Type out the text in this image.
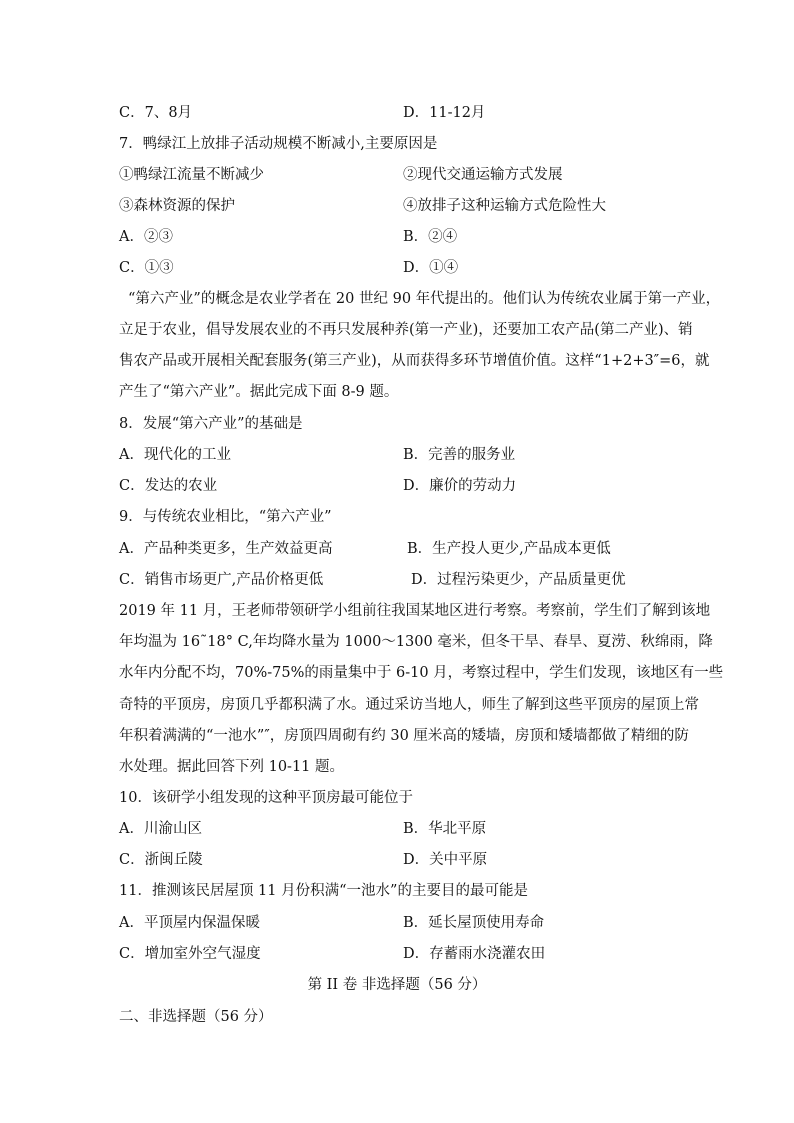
C．7、8月	D．11-12月
7．鸭绿江上放排子活动规模不断减小,主要原因是
①鸭绿江流量不断减少	②现代交通运输方式发展
③森林资源的保护	④放排子这种运输方式危险性大
A．②③	B．②④
C．①③	D．①④
“第六产业”的概念是农业学者在 20 世纪 90 年代提出的。他们认为传统农业属于第一产业，
立足于农业，倡导发展农业的不再只发展种养(第一产业)，还要加工农产品(第二产业)、销
售农产品或开展相关配套服务(第三产业)，从而获得多环节增值价值。这样“1+2+3″=6，就
产生了“第六产业”。据此完成下面 8-9 题。
8．发展“第六产业”的基础是
A．现代化的工业	B．完善的服务业
C．发达的农业	D．廉价的劳动力
9．与传统农业相比，“第六产业”
A．产品种类更多，生产效益更高	B．生产投人更少,产品成本更低
C．销售市场更广,产品价格更低	D．过程污染更少，产品质量更优
2019 年 11 月，王老师带领研学小组前往我国某地区进行考察。考察前，学生们了解到该地
年均温为 16˜18° C,年均降水量为 1000～1300 毫米，但冬干旱、春旱、夏涝、秋绵雨，降
水年内分配不均，70%-75%的雨量集中于 6-10 月，考察过程中，学生们发现，该地区有一些
奇特的平顶房，房顶几乎都积满了水。通过采访当地人，师生了解到这些平顶房的屋顶上常
年积着满满的“一池水”″，房顶四周砌有约 30 厘米高的矮墙，房顶和矮墙都做了精细的防
水处理。据此回答下列 10-11 题。
10．该研学小组发现的这种平顶房最可能位于
A．川渝山区	B．华北平原
C．浙闽丘陵	D．关中平原
11．推测该民居屋顶 11 月份积满“一池水”的主要目的最可能是
A．平顶屋内保温保暖	B．延长屋顶使用寿命
C．增加室外空气湿度	D．存蓄雨水浇灌农田
第 II 卷 非选择题（56 分）
二、非选择题（56 分）
